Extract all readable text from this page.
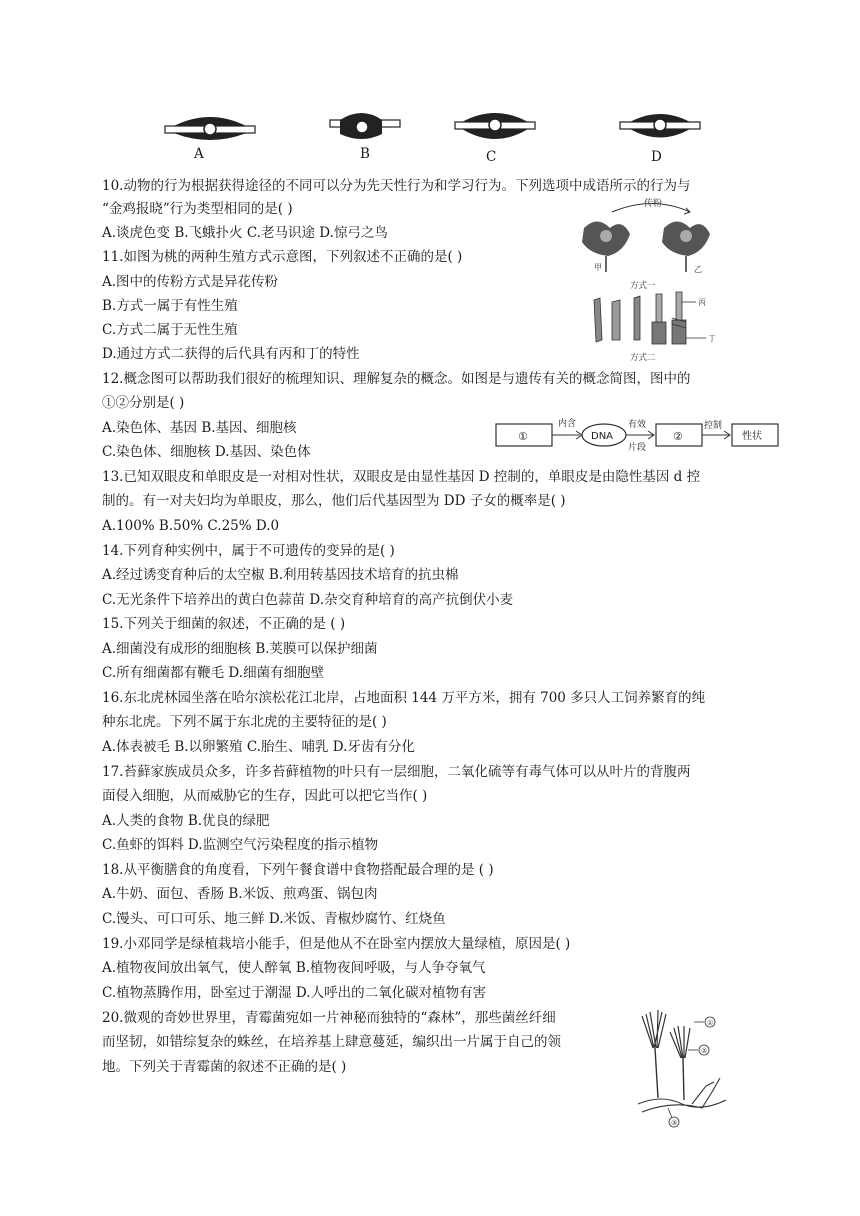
A	B	C	D
10.动物的行为根据获得途径的不同可以分为先天性行为和学习行为。下列选项中成语所示的行为与
“金鸡报晓”行为类型相同的是( )
A.谈虎色变 B.飞蛾扑火 C.老马识途 D.惊弓之鸟
11.如图为桃的两种生殖方式示意图，下列叙述不正确的是( )
A.图中的传粉方式是异花传粉
B.方式一属于有性生殖
C.方式二属于无性生殖
D.通过方式二获得的后代具有丙和丁的特性
传粉
甲	乙
方式一
丙
丁
方式二
12.概念图可以帮助我们很好的梳理知识、理解复杂的概念。如图是与遗传有关的概念简图，图中的
①②分别是( )
A.染色体、基因 B.基因、细胞核
C.染色体、细胞核 D.基因、染色体
①
内含
DNA
有效
片段
②
控制
性状
13.已知双眼皮和单眼皮是一对相对性状，双眼皮是由显性基因 D 控制的，单眼皮是由隐性基因 d 控
制的。有一对夫妇均为单眼皮，那么，他们后代基因型为 DD 子女的概率是( )
A.100% B.50% C.25% D.0
14.下列育种实例中，属于不可遗传的变异的是( )
A.经过诱变育种后的太空椒 B.利用转基因技术培育的抗虫棉
C.无光条件下培养出的黄白色蒜苗 D.杂交育种培育的高产抗倒伏小麦
15.下列关于细菌的叙述，不正确的是 ( )
A.细菌没有成形的细胞核 B.荚膜可以保护细菌
C.所有细菌都有鞭毛 D.细菌有细胞壁
16.东北虎林园坐落在哈尔滨松花江北岸，占地面积 144 万平方米，拥有 700 多只人工饲养繁育的纯
种东北虎。下列不属于东北虎的主要特征的是( )
A.体表被毛 B.以卵繁殖 C.胎生、哺乳 D.牙齿有分化
17.苔藓家族成员众多，许多苔藓植物的叶只有一层细胞，二氧化硫等有毒气体可以从叶片的背腹两
面侵入细胞，从而威胁它的生存，因此可以把它当作( )
A.人类的食物 B.优良的绿肥
C.鱼虾的饵料 D.监测空气污染程度的指示植物
18.从平衡膳食的角度看，下列午餐食谱中食物搭配最合理的是 ( )
A.牛奶、面包、香肠 B.米饭、煎鸡蛋、锅包肉
C.馒头、可口可乐、地三鲜 D.米饭、青椒炒腐竹、红烧鱼
19.小邓同学是绿植栽培小能手，但是他从不在卧室内摆放大量绿植，原因是( )
A.植物夜间放出氧气，使人醉氧 B.植物夜间呼吸，与人争夺氧气
C.植物蒸腾作用，卧室过于潮湿 D.人呼出的二氧化碳对植物有害
20.微观的奇妙世界里，青霉菌宛如一片神秘而独特的“森林”，那些菌丝纤细
而坚韧，如错综复杂的蛛丝，在培养基上肆意蔓延，编织出一片属于自己的领
地。下列关于青霉菌的叙述不正确的是( )
①
②
③
